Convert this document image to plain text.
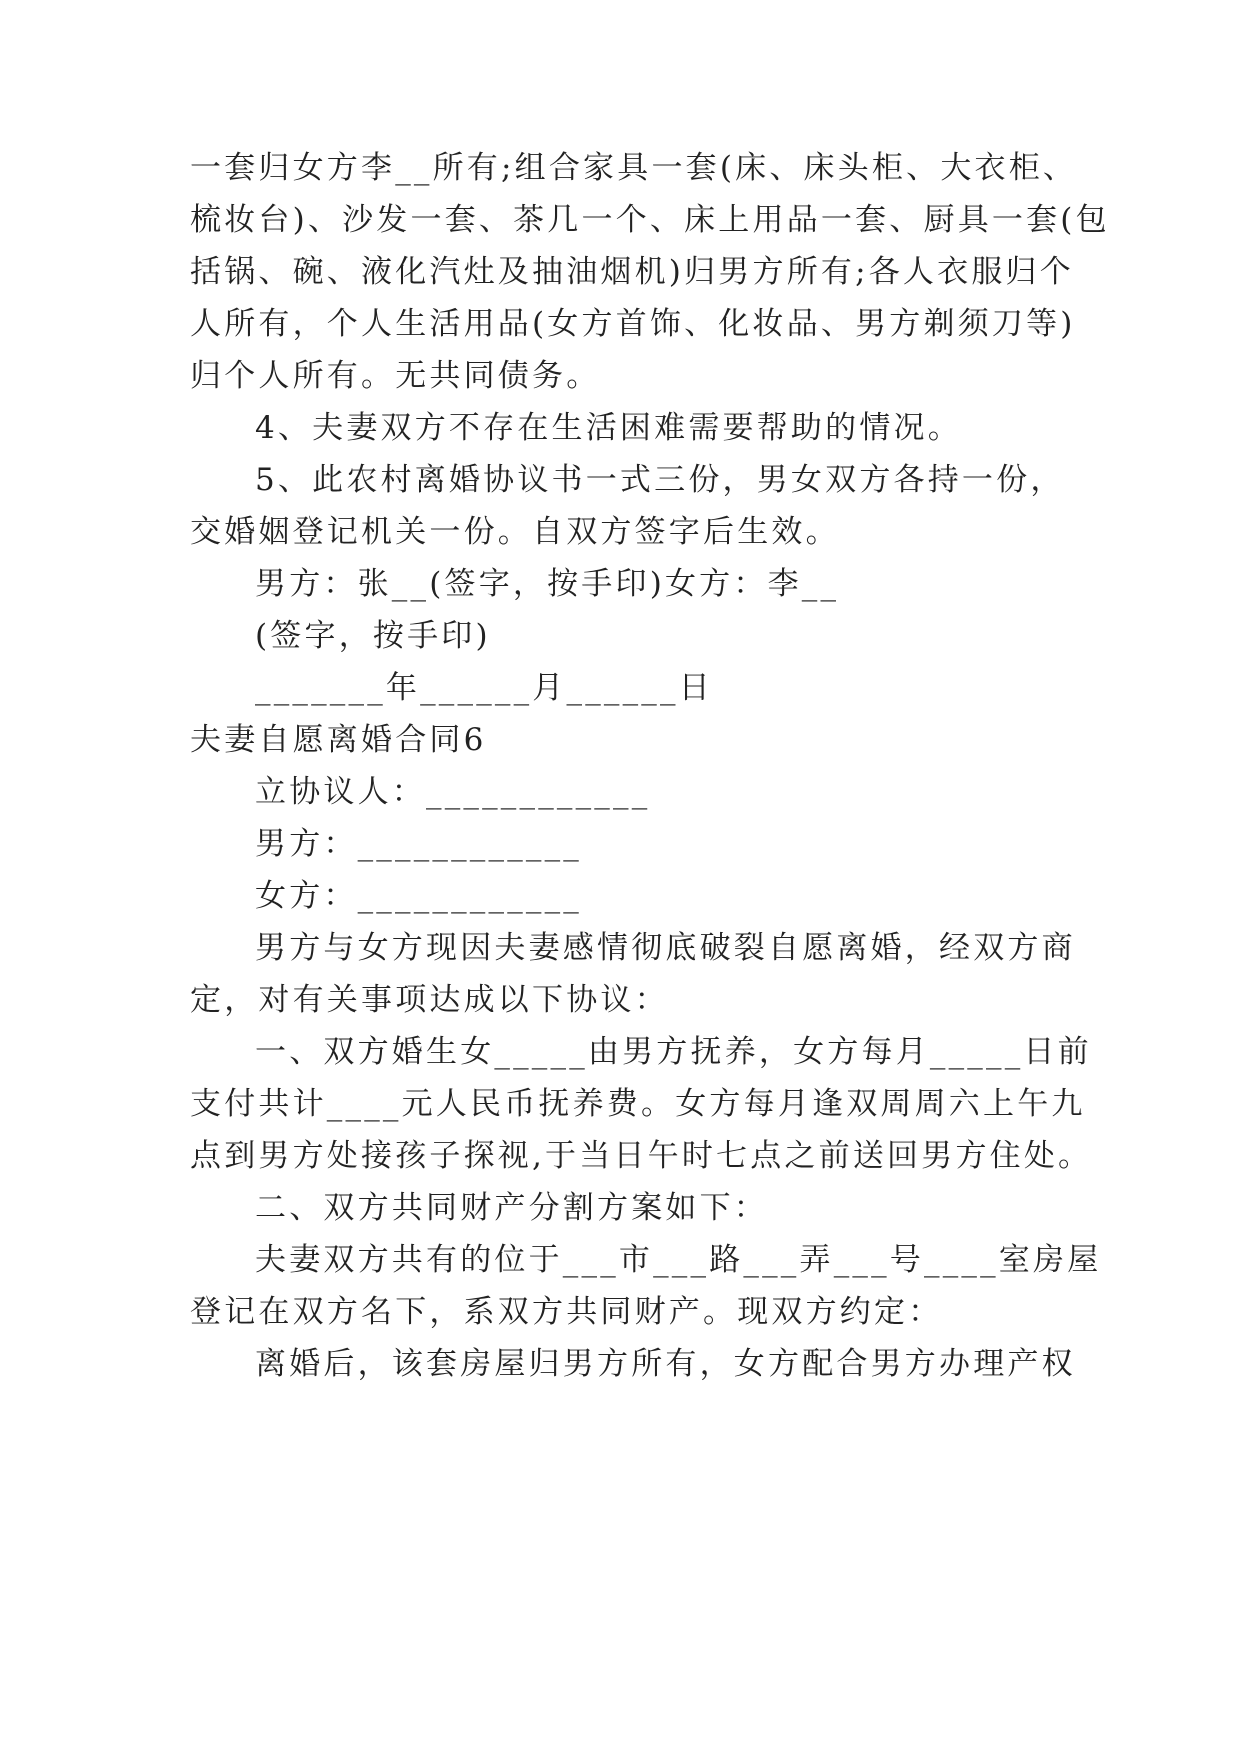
一套归女方李__所有;组合家具一套(床、床头柜、大衣柜、
梳妆台)、沙发一套、茶几一个、床上用品一套、厨具一套(包
括锅、碗、液化汽灶及抽油烟机)归男方所有;各人衣服归个
人所有，个人生活用品(女方首饰、化妆品、男方剃须刀等)
归个人所有。无共同债务。
4、夫妻双方不存在生活困难需要帮助的情况。
5、此农村离婚协议书一式三份，男女双方各持一份，
交婚姻登记机关一份。自双方签字后生效。
男方：张__(签字，按手印)女方：李__
(签字，按手印)
_______年______月______日
夫妻自愿离婚合同6
立协议人：____________
男方：____________
女方：____________
男方与女方现因夫妻感情彻底破裂自愿离婚，经双方商
定，对有关事项达成以下协议：
一、双方婚生女_____由男方抚养，女方每月_____日前
支付共计____元人民币抚养费。女方每月逢双周周六上午九
点到男方处接孩子探视,于当日午时七点之前送回男方住处。
二、双方共同财产分割方案如下：
夫妻双方共有的位于___市___路___弄___号____室房屋
登记在双方名下，系双方共同财产。现双方约定：
离婚后，该套房屋归男方所有，女方配合男方办理产权
